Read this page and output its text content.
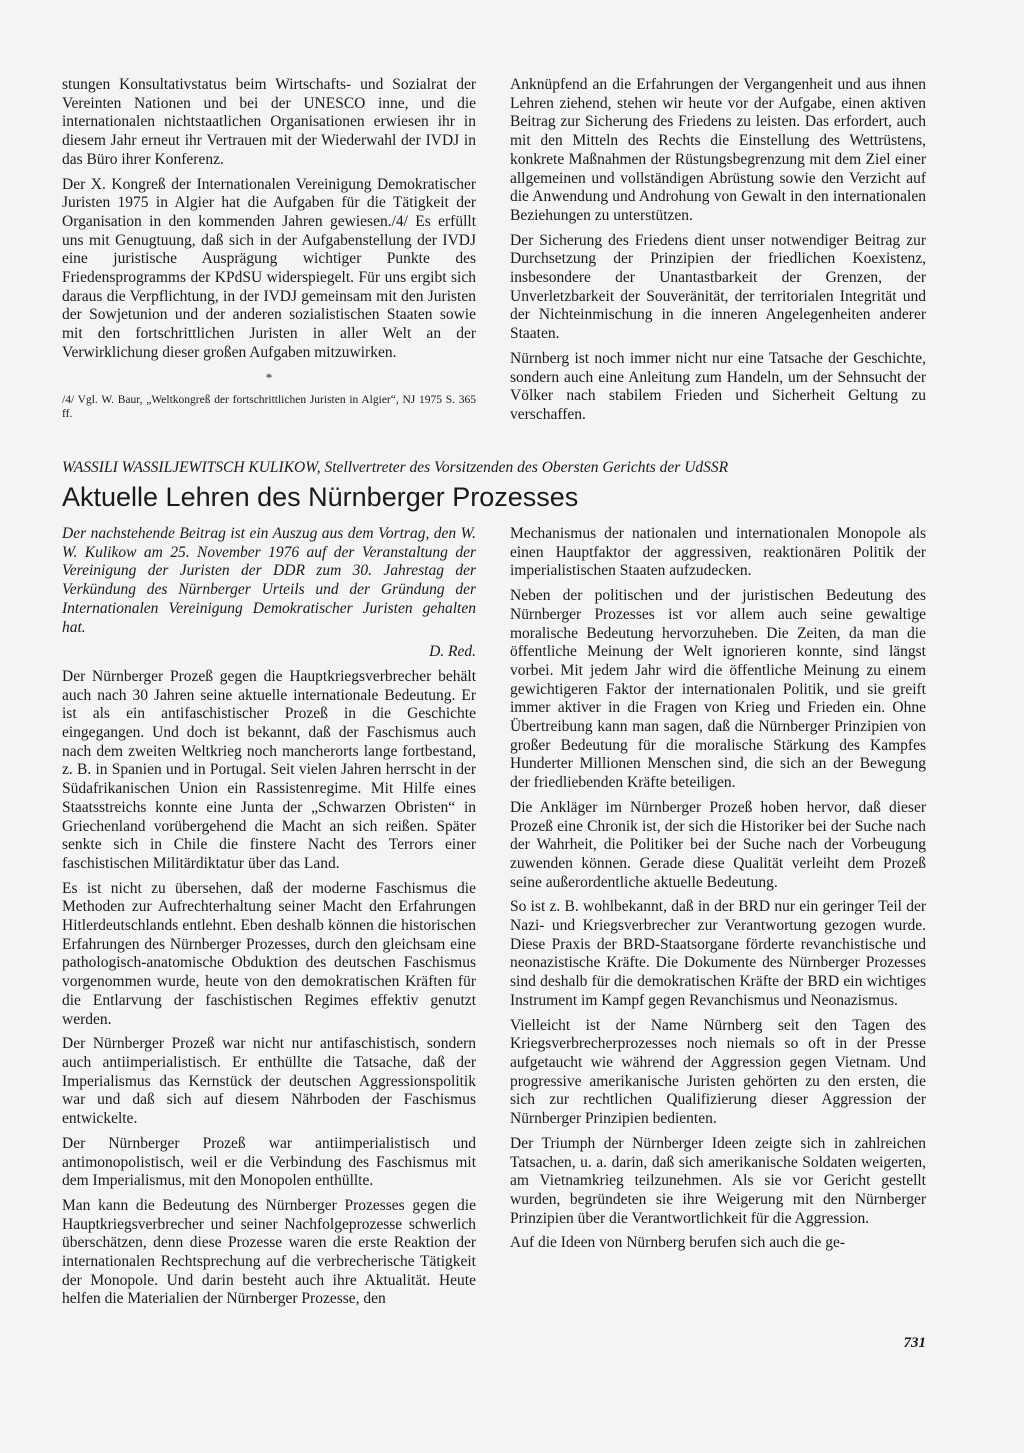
stungen Konsultativstatus beim Wirtschafts- und Sozialrat der Vereinten Nationen und bei der UNESCO inne, und die internationalen nichtstaatlichen Organisationen erwiesen ihr in diesem Jahr erneut ihr Vertrauen mit der Wiederwahl der IVDJ in das Büro ihrer Konferenz.

Der X. Kongreß der Internationalen Vereinigung Demokratischer Juristen 1975 in Algier hat die Aufgaben für die Tätigkeit der Organisation in den kommenden Jahren gewiesen./4/ Es erfüllt uns mit Genugtuung, daß sich in der Aufgabenstellung der IVDJ eine juristische Ausprägung wichtiger Punkte des Friedensprogramms der KPdSU widerspiegelt. Für uns ergibt sich daraus die Verpflichtung, in der IVDJ gemeinsam mit den Juristen der Sowjetunion und der anderen sozialistischen Staaten sowie mit den fortschrittlichen Juristen in aller Welt an der Verwirklichung dieser großen Aufgaben mitzuwirken.

*
/4/ Vgl. W. Baur, „Weltkongreß der fortschrittlichen Juristen in Algier“, NJ 1975 S. 365 ff.

Anknüpfend an die Erfahrungen der Vergangenheit und aus ihnen Lehren ziehend, stehen wir heute vor der Aufgabe, einen aktiven Beitrag zur Sicherung des Friedens zu leisten. Das erfordert, auch mit den Mitteln des Rechts die Einstellung des Wettrüstens, konkrete Maßnahmen der Rüstungsbegrenzung mit dem Ziel einer allgemeinen und vollständigen Abrüstung sowie den Verzicht auf die Anwendung und Androhung von Gewalt in den internationalen Beziehungen zu unterstützen.

Der Sicherung des Friedens dient unser notwendiger Beitrag zur Durchsetzung der Prinzipien der friedlichen Koexistenz, insbesondere der Unantastbarkeit der Grenzen, der Unverletzbarkeit der Souveränität, der territorialen Integrität und der Nichteinmischung in die inneren Angelegenheiten anderer Staaten.

Nürnberg ist noch immer nicht nur eine Tatsache der Geschichte, sondern auch eine Anleitung zum Handeln, um der Sehnsucht der Völker nach stabilem Frieden und Sicherheit Geltung zu verschaffen.

WASSILI WASSILJEWITSCH KULIKOW, Stellvertreter des Vorsitzenden des Obersten Gerichts der UdSSR
Aktuelle Lehren des Nürnberger Prozesses

Der nachstehende Beitrag ist ein Auszug aus dem Vortrag, den W. W. Kulikow am 25. November 1976 auf der Veranstaltung der Vereinigung der Juristen der DDR zum 30. Jahrestag der Verkündung des Nürnberger Urteils und der Gründung der Internationalen Vereinigung Demokratischer Juristen gehalten hat.

D. Red.

Der Nürnberger Prozeß gegen die Hauptkriegsverbrecher behält auch nach 30 Jahren seine aktuelle internationale Bedeutung. Er ist als ein antifaschistischer Prozeß in die Geschichte eingegangen. Und doch ist bekannt, daß der Faschismus auch nach dem zweiten Weltkrieg noch mancherorts lange fortbestand, z. B. in Spanien und in Portugal. Seit vielen Jahren herrscht in der Südafrikanischen Union ein Rassistenregime. Mit Hilfe eines Staatsstreichs konnte eine Junta der „Schwarzen Obristen“ in Griechenland vorübergehend die Macht an sich reißen. Später senkte sich in Chile die finstere Nacht des Terrors einer faschistischen Militärdiktatur über das Land.

Es ist nicht zu übersehen, daß der moderne Faschismus die Methoden zur Aufrechterhaltung seiner Macht den Erfahrungen Hitlerdeutschlands entlehnt. Eben deshalb können die historischen Erfahrungen des Nürnberger Prozesses, durch den gleichsam eine pathologisch-anatomische Obduktion des deutschen Faschismus vorgenommen wurde, heute von den demokratischen Kräften für die Entlarvung der faschistischen Regimes effektiv genutzt werden.

Der Nürnberger Prozeß war nicht nur antifaschistisch, sondern auch antiimperialistisch. Er enthüllte die Tatsache, daß der Imperialismus das Kernstück der deutschen Aggressionspolitik war und daß sich auf diesem Nährboden der Faschismus entwickelte.

Der Nürnberger Prozeß war antiimperialistisch und antimonopolistisch, weil er die Verbindung des Faschismus mit dem Imperialismus, mit den Monopolen enthüllte.

Man kann die Bedeutung des Nürnberger Prozesses gegen die Hauptkriegsverbrecher und seiner Nachfolgeprozesse schwerlich überschätzen, denn diese Prozesse waren die erste Reaktion der internationalen Rechtsprechung auf die verbrecherische Tätigkeit der Monopole. Und darin besteht auch ihre Aktualität. Heute helfen die Materialien der Nürnberger Prozesse, den

Mechanismus der nationalen und internationalen Monopole als einen Hauptfaktor der aggressiven, reaktionären Politik der imperialistischen Staaten aufzudecken.

Neben der politischen und der juristischen Bedeutung des Nürnberger Prozesses ist vor allem auch seine gewaltige moralische Bedeutung hervorzuheben. Die Zeiten, da man die öffentliche Meinung der Welt ignorieren konnte, sind längst vorbei. Mit jedem Jahr wird die öffentliche Meinung zu einem gewichtigeren Faktor der internationalen Politik, und sie greift immer aktiver in die Fragen von Krieg und Frieden ein. Ohne Übertreibung kann man sagen, daß die Nürnberger Prinzipien von großer Bedeutung für die moralische Stärkung des Kampfes Hunderter Millionen Menschen sind, die sich an der Bewegung der friedliebenden Kräfte beteiligen.

Die Ankläger im Nürnberger Prozeß hoben hervor, daß dieser Prozeß eine Chronik ist, der sich die Historiker bei der Suche nach der Wahrheit, die Politiker bei der Suche nach der Vorbeugung zuwenden können. Gerade diese Qualität verleiht dem Prozeß seine außerordentliche aktuelle Bedeutung.

So ist z. B. wohlbekannt, daß in der BRD nur ein geringer Teil der Nazi- und Kriegsverbrecher zur Verantwortung gezogen wurde. Diese Praxis der BRD-Staatsorgane förderte revanchistische und neonazistische Kräfte. Die Dokumente des Nürnberger Prozesses sind deshalb für die demokratischen Kräfte der BRD ein wichtiges Instrument im Kampf gegen Revanchismus und Neonazismus.

Vielleicht ist der Name Nürnberg seit den Tagen des Kriegsverbrecherprozesses noch niemals so oft in der Presse aufgetaucht wie während der Aggression gegen Vietnam. Und progressive amerikanische Juristen gehörten zu den ersten, die sich zur rechtlichen Qualifizierung dieser Aggression der Nürnberger Prinzipien bedienten.

Der Triumph der Nürnberger Ideen zeigte sich in zahlreichen Tatsachen, u. a. darin, daß sich amerikanische Soldaten weigerten, am Vietnamkrieg teilzunehmen. Als sie vor Gericht gestellt wurden, begründeten sie ihre Weigerung mit den Nürnberger Prinzipien über die Verantwortlichkeit für die Aggression.

Auf die Ideen von Nürnberg berufen sich auch die ge-

731
